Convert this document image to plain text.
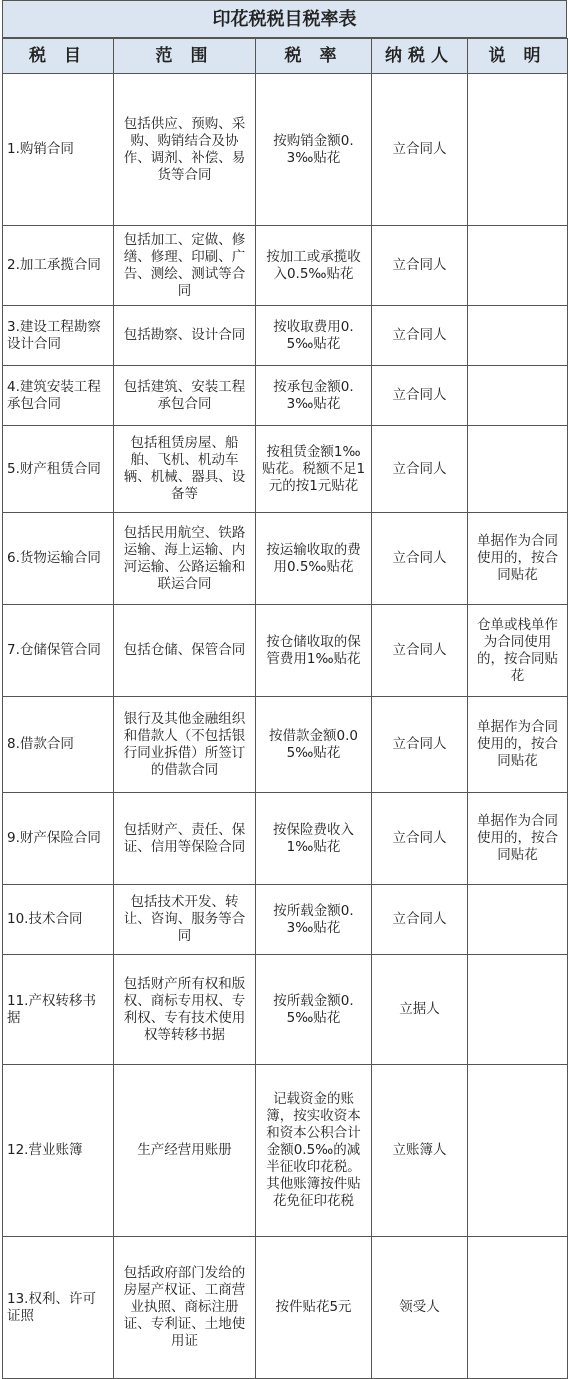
印花税税目税率表
税 目	范 围	税 率	纳税人	说 明
1.购销合同	包括供应、预购、采购、购销结合及协作、调剂、补偿、易货等合同	按购销金额0.3‰贴花	立合同人	
2.加工承揽合同	包括加工、定做、修缮、修理、印刷、广告、测绘、测试等合同	按加工或承揽收入0.5‰贴花	立合同人	
3.建设工程勘察设计合同	包括勘察、设计合同	按收取费用0.5‰贴花	立合同人	
4.建筑安装工程承包合同	包括建筑、安装工程承包合同	按承包金额0.3‰贴花	立合同人	
5.财产租赁合同	包括租赁房屋、船舶、飞机、机动车辆、机械、器具、设备等	按租赁金额1‰贴花。税额不足1元的按1元贴花	立合同人	
6.货物运输合同	包括民用航空、铁路运输、海上运输、内河运输、公路运输和联运合同	按运输收取的费用0.5‰贴花	立合同人	单据作为合同使用的，按合同贴花
7.仓储保管合同	包括仓储、保管合同	按仓储收取的保管费用1‰贴花	立合同人	仓单或栈单作为合同使用的，按合同贴花
8.借款合同	银行及其他金融组织和借款人（不包括银行同业拆借）所签订的借款合同	按借款金额0.05‰贴花	立合同人	单据作为合同使用的，按合同贴花
9.财产保险合同	包括财产、责任、保证、信用等保险合同	按保险费收入1‰贴花	立合同人	单据作为合同使用的，按合同贴花
10.技术合同	包括技术开发、转让、咨询、服务等合同	按所载金额0.3‰贴花	立合同人	
11.产权转移书据	包括财产所有权和版权、商标专用权、专利权、专有技术使用权等转移书据	按所载金额0.5‰贴花	立据人	
12.营业账簿	生产经营用账册	记载资金的账簿，按实收资本和资本公积合计金额0.5‰的减半征收印花税。其他账簿按件贴花免征印花税	立账簿人	
13.权利、许可证照	包括政府部门发给的房屋产权证、工商营业执照、商标注册证、专利证、土地使用证	按件贴花5元	领受人	
